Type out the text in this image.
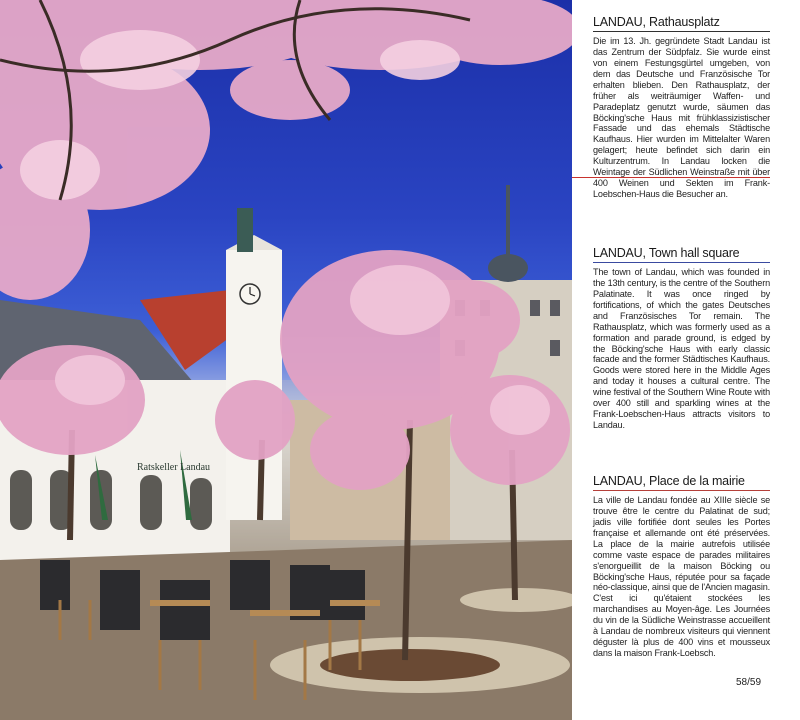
Ratskeller Landau
LANDAU, Rathausplatz
Die im 13. Jh. gegründete Stadt Landau ist das Zentrum der Südpfalz. Sie wurde einst von einem Festungsgürtel umgeben, von dem das Deutsche und Französische Tor erhalten blieben. Den Rathausplatz, der früher als weiträumiger Waffen- und Paradeplatz genutzt wurde, säumen das Böcking'sche Haus mit frühklassizistischer Fassade und das ehemals Städtische Kaufhaus. Hier wurden im Mittelalter Waren gelagert; heute befindet sich darin ein Kulturzentrum. In Landau locken die Weintage der Südlichen Weinstraße mit über 400 Weinen und Sekten im Frank-Loebschen-Haus die Besucher an.
LANDAU, Town hall square
The town of Landau, which was founded in the 13th century, is the centre of the Southern Palatinate. It was once ringed by fortifications, of which the gates Deutsches and Französisches Tor remain. The Rathausplatz, which was formerly used as a formation and parade ground, is edged by the Böcking'sche Haus with early classic facade and the former Städtisches Kaufhaus. Goods were stored here in the Middle Ages and today it houses a cultural centre. The wine festival of the Southern Wine Route with over 400 still and sparkling wines at the Frank-Loebschen-Haus attracts visitors to Landau.
LANDAU, Place de la mairie
La ville de Landau fondée au XIIIe siècle se trouve être le centre du Palatinat de sud; jadis ville fortifiée dont seules les Portes française et allemande ont été préservées. La place de la mairie autrefois utilisée comme vaste espace de parades militaires s'enorgueillit de la maison Böcking ou Böcking'sche Haus, réputée pour sa façade néo-classique, ainsi que de l'Ancien magasin. C'est ici qu'étaient stockées les marchandises au Moyen-âge. Les Journées du vin de la Südliche Weinstrasse accueillent à Landau de nombreux visiteurs qui viennent déguster là plus de 400 vins et mousseux dans la maison Frank-Loebsch.
58/59
